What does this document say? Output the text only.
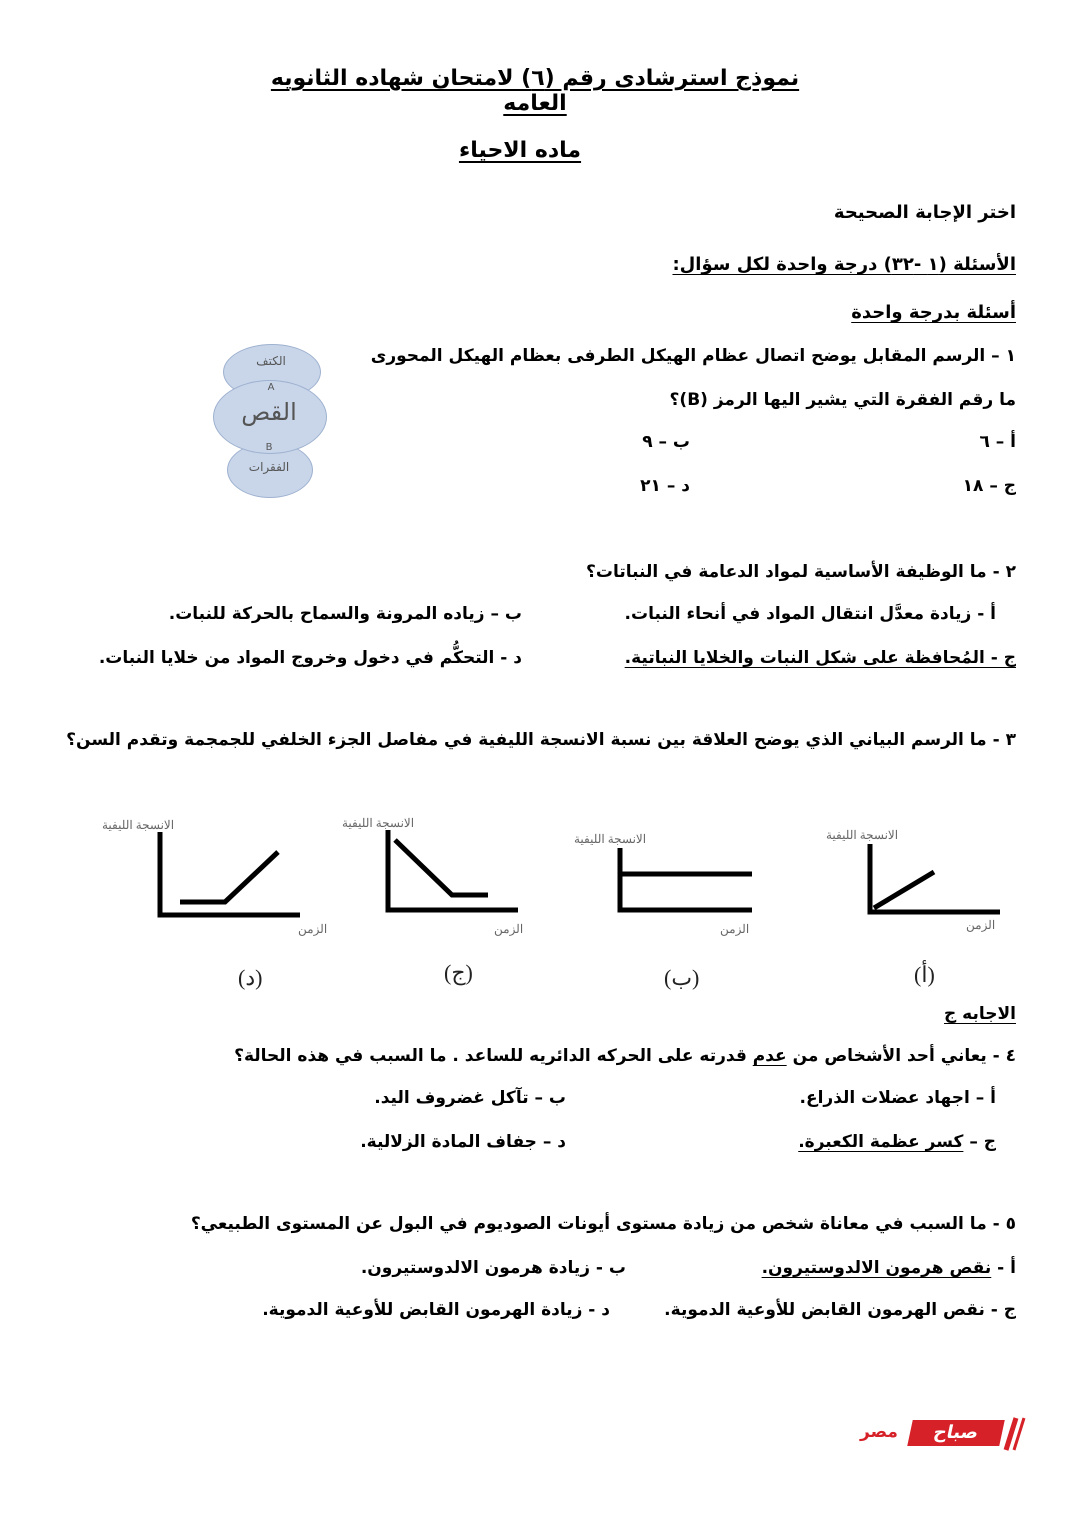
نموذج استرشادى رقم (٦) لامتحان شهاده الثانويه العامه
ماده الاحياء
اختر الإجابة الصحيحة
الأسئلة (١ -٣٢) درجة واحدة لكل سؤال:
أسئلة بدرجة واحدة
١ – الرسم المقابل يوضح اتصال عظام الهيكل الطرفى بعظام الهيكل المحورى
ما رقم الفقرة التي يشير اليها الرمز (B)؟
أ – ٦
ب – ٩
ج – ١٨
د – ٢١
الكتف
A
القص
B
الفقرات
٢ - ما الوظيفة الأساسية لمواد الدعامة في النباتات؟
أ - زيادة معدَّل انتقال المواد في أنحاء النبات.
ب – زياده المرونة والسماح بالحركة للنبات.
ج - المُحافظة على شكل النبات والخلايا النباتية.
د - التحكُّم في دخول وخروج المواد من خلايا النبات.
٣ - ما الرسم البياني الذي يوضح العلاقة بين نسبة الانسجة الليفية في مفاصل الجزء الخلفي للجمجمة وتقدم السن؟
الانسجة الليفية
الزمن
(د)
الانسجة الليفية
الزمن
(ج)
الانسجة الليفية
الزمن
(ب)
الانسجة الليفية
الزمن
(أ)
الاجابه ج
٤ - يعاني أحد الأشخاص من عدم قدرته على الحركه الدائريه للساعد . ما السبب في هذه الحالة؟
أ – اجهاد عضلات الذراع.
ب – تآكل غضروف اليد.
ج – كسر عظمة الكعبرة.
د – جفاف المادة الزلالية.
٥ - ما السبب في معاناة شخص من زيادة مستوى أيونات الصوديوم في البول عن المستوى الطبيعي؟
أ - نقص هرمون الالدوستيرون.
ب - زيادة هرمون الالدوستيرون.
ج - نقص الهرمون القابض للأوعية الدموية.
د - زيادة الهرمون القابض للأوعية الدموية.
صباح
مصر
